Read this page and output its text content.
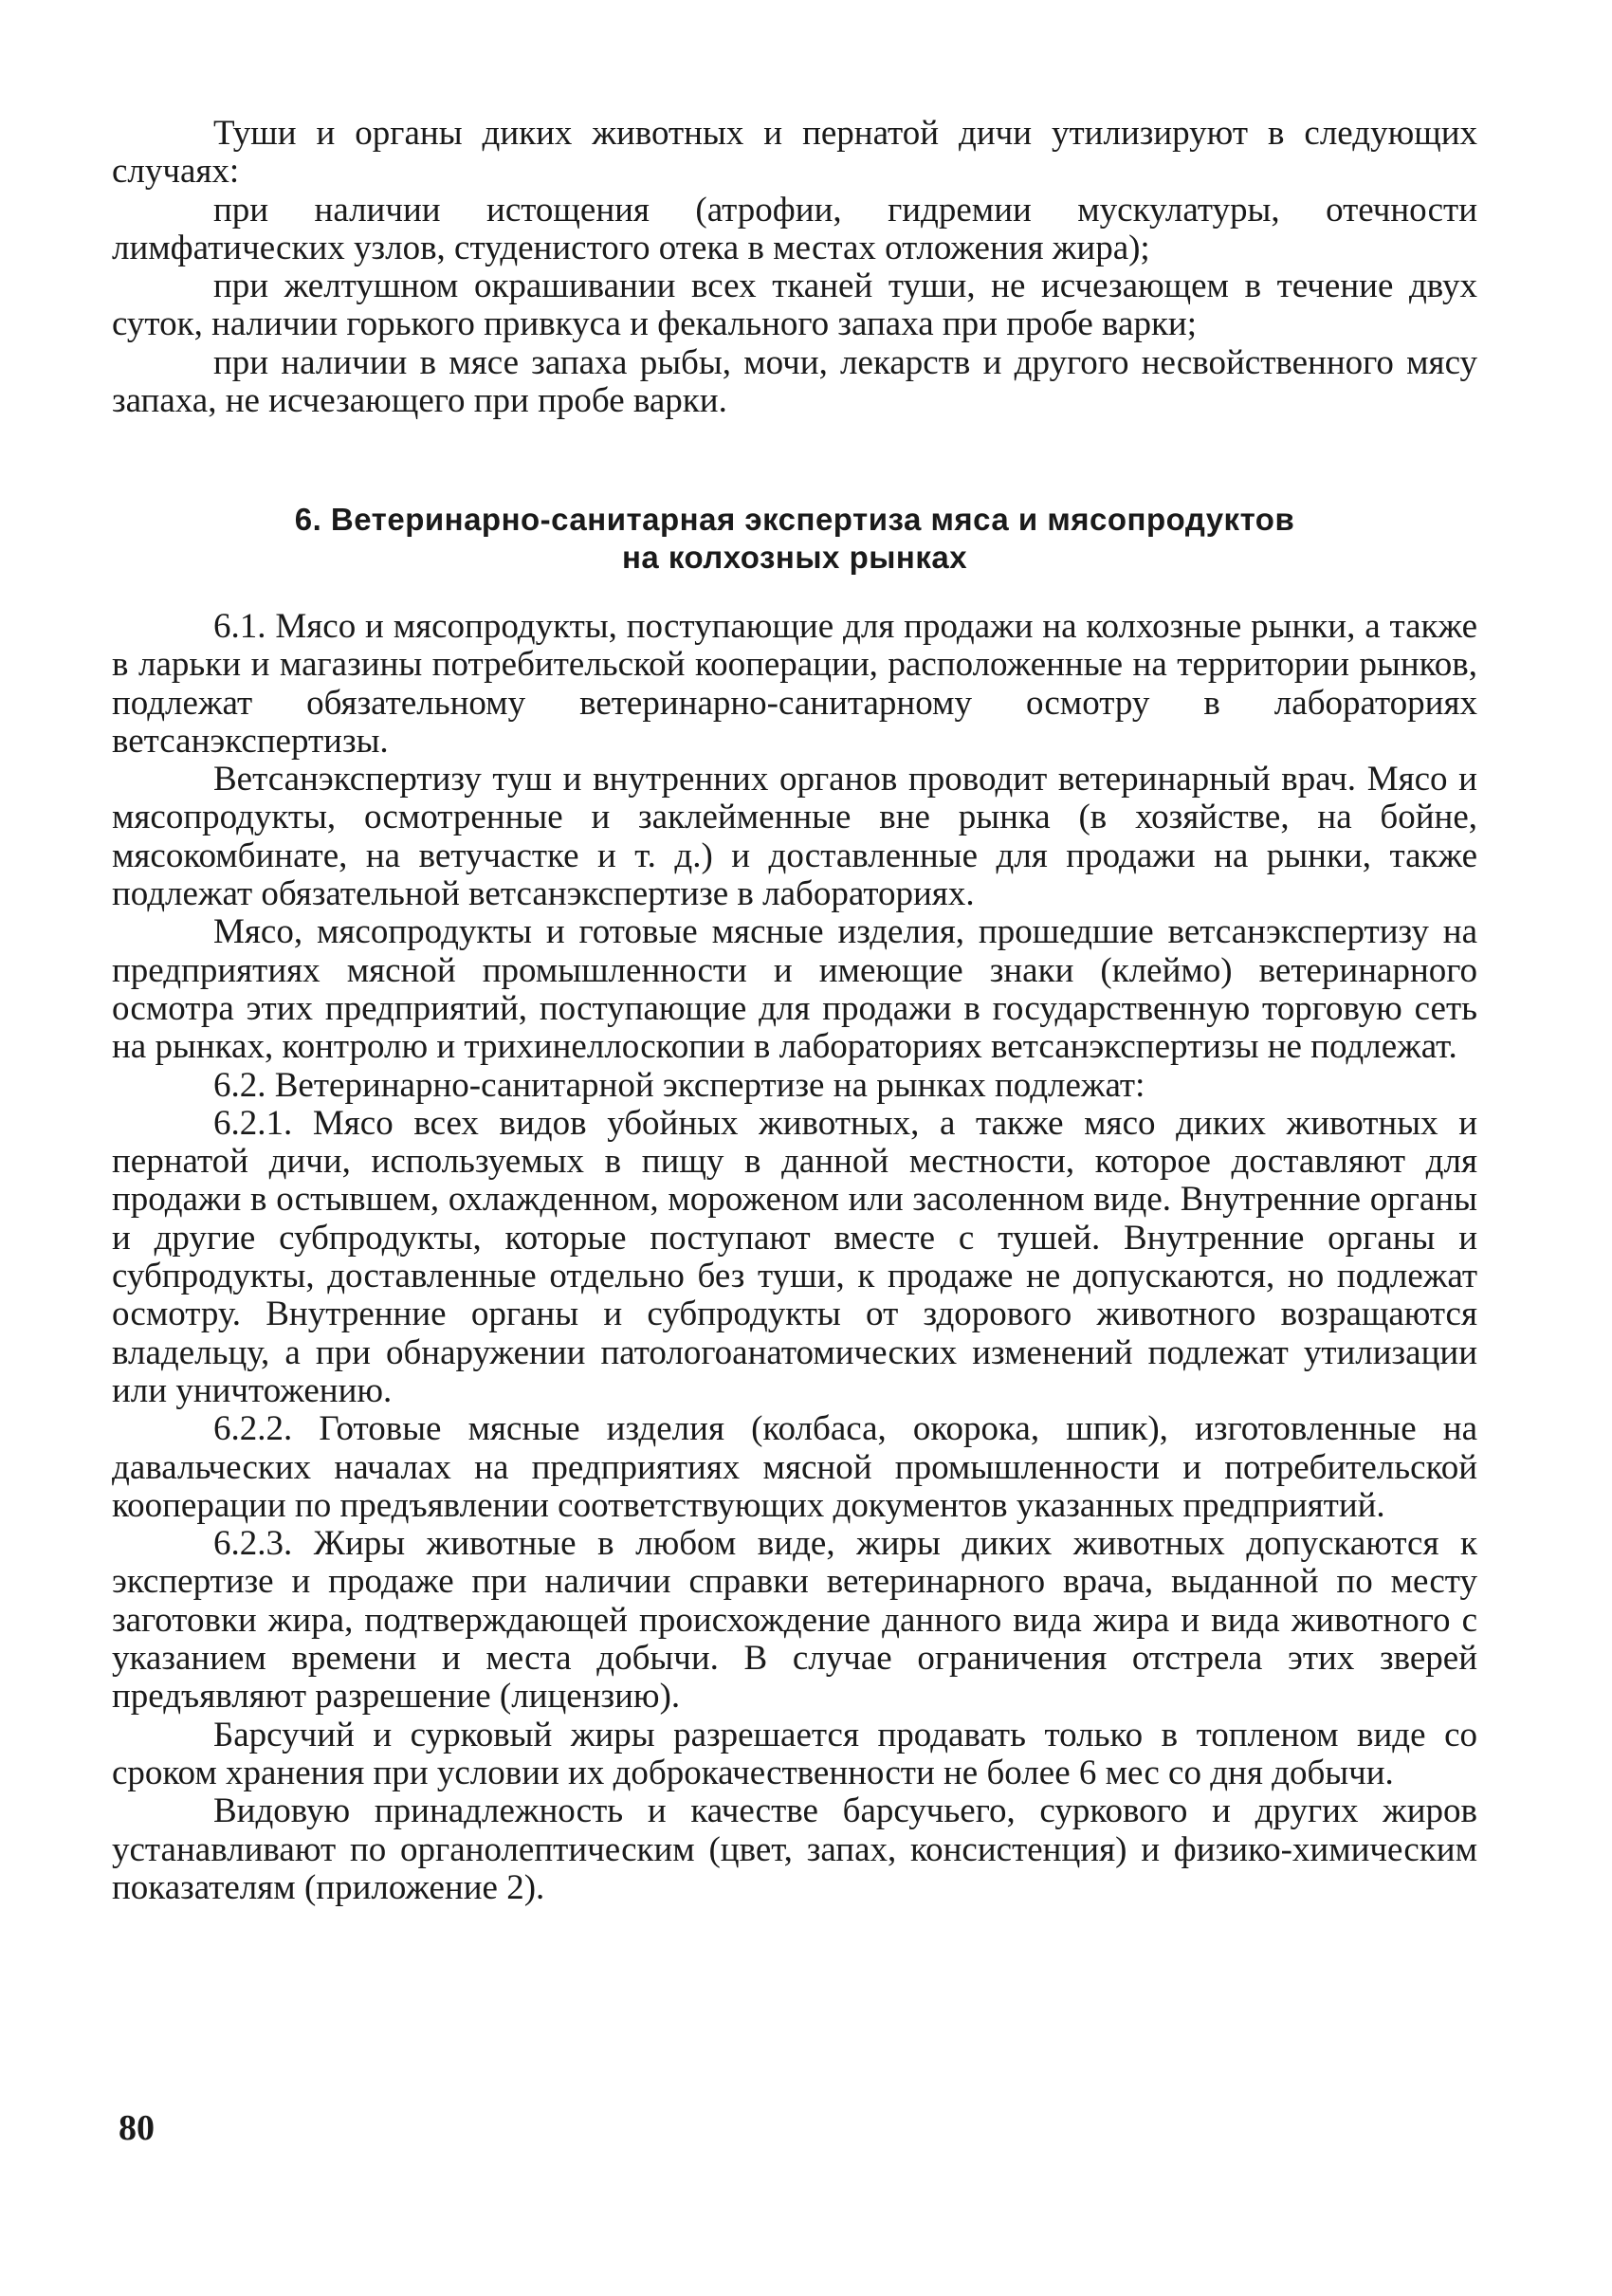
Туши и органы диких животных и пернатой дичи утилизируют в следующих случаях:

при наличии истощения (атрофии, гидремии мускулатуры, отечности лимфатических узлов, студенистого отека в местах отложения жира);

при желтушном окрашивании всех тканей туши, не исчезающем в течение двух суток, наличии горького привкуса и фекального запаха при пробе варки;

при наличии в мясе запаха рыбы, мочи, лекарств и другого несвойственного мясу запаха, не исчезающего при пробе варки.

6. Ветеринарно-санитарная экспертиза мяса и мясопродуктов

на колхозных рынках

6.1. Мясо и мясопродукты, поступающие для продажи на колхозные рынки, а также в ларьки и магазины потребительской кооперации, расположенные на территории рынков, подлежат обязательному ветеринарно-санитарному осмотру в лабораториях ветсанэкспертизы.

Ветсанэкспертизу туш и внутренних органов проводит ветеринарный врач. Мясо и мясопродукты, осмотренные и заклейменные вне рынка (в хозяйстве, на бойне, мясокомбинате, на ветучастке и т. д.) и доставленные для продажи на рынки, также подлежат обязательной ветсанэкспертизе в лабораториях.

Мясо, мясопродукты и готовые мясные изделия, прошедшие ветсанэкспертизу на предприятиях мясной промышленности и имеющие знаки (клеймо) ветеринарного осмотра этих предприятий, поступающие для продажи в государственную торговую сеть на рынках, контролю и трихинеллоскопии в лабораториях ветсанэкспертизы не подлежат.

6.2. Ветеринарно-санитарной экспертизе на рынках подлежат:

6.2.1. Мясо всех видов убойных животных, а также мясо диких животных и пернатой дичи, используемых в пищу в данной местности, которое доставляют для продажи в остывшем, охлажденном, мороженом или засоленном виде. Внутренние органы и другие субпродукты, которые поступают вместе с тушей. Внутренние органы и субпродукты, доставленные отдельно без туши, к продаже не допускаются, но подлежат осмотру. Внутренние органы и субпродукты от здорового животного возращаются владельцу, а при обнаружении патологоанатомических изменений подлежат утилизации или уничтожению.

6.2.2. Готовые мясные изделия (колбаса, окорока, шпик), изготовленные на давальческих началах на предприятиях мясной промышленности и потребительской кооперации по предъявлении соответствующих документов указанных предприятий.

6.2.3. Жиры животные в любом виде, жиры диких животных допускаются к экспертизе и продаже при наличии справки ветеринарного врача, выданной по месту заготовки жира, подтверждающей происхождение данного вида жира и вида животного с указанием времени и места добычи. В случае ограничения отстрела этих зверей предъявляют разрешение (лицензию).

Барсучий и сурковый жиры разрешается продавать только в топленом виде со сроком хранения при условии их доброкачественности не более 6 мес со дня добычи.

Видовую принадлежность и качестве барсучьего, суркового и других жиров устанавливают по органолептическим (цвет, запах, консистенция) и физико-химическим показателям (приложение 2).

80
